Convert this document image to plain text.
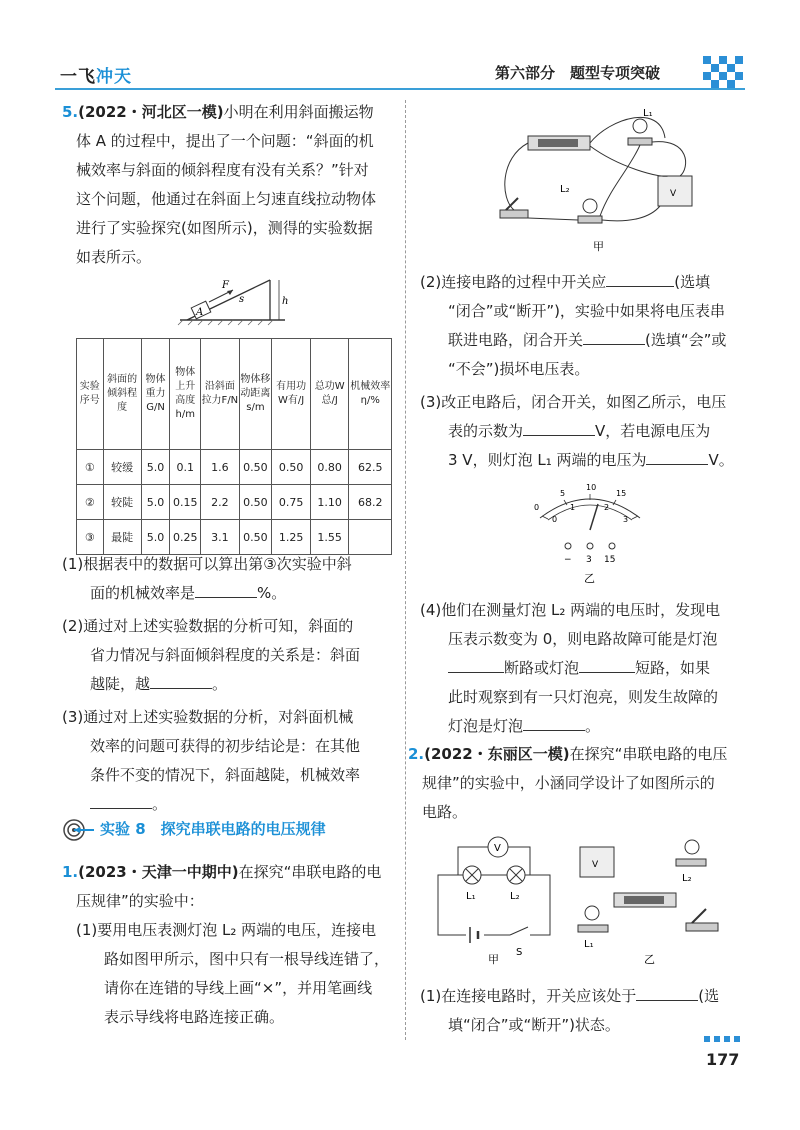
一飞冲天	第六部分　题型专项突破
5.(2022・河北区一模)小明在利用斜面搬运物
体 A 的过程中，提出了一个问题：“斜面的机
械效率与斜面的倾斜程度有没有关系？”针对
这个问题，他通过在斜面上匀速直线拉动物体
进行了实验探究(如图所示)，测得的实验数据
如表所示。
A
F
s	h
实验序号	斜面的倾斜程度	物体重力G/N	物体上升高度h/m	沿斜面拉力F/N	物体移动距离s/m	有用功W有/J	总功W总/J	机械效率η/%
①	较缓	5.0	0.1	1.6	0.50	0.50	0.80	62.5
②	较陡	5.0	0.15	2.2	0.50	0.75	1.10	68.2
③	最陡	5.0	0.25	3.1	0.50	1.25	1.55	
(1)根据表中的数据可以算出第③次实验中斜
面的机械效率是	%。
(2)通过对上述实验数据的分析可知，斜面的
省力情况与斜面倾斜程度的关系是：斜面
越陡，越	。
(3)通过对上述实验数据的分析，对斜面机械
效率的问题可获得的初步结论是：在其他
条件不变的情况下，斜面越陡，机械效率
。
实验 8　探究串联电路的电压规律
1.(2023・天津一中期中)在探究“串联电路的电
压规律”的实验中：
(1)要用电压表测灯泡 L₂ 两端的电压，连接电
路如图甲所示，图中只有一根导线连错了，
请你在连错的导线上画“×”，并用笔画线
表示导线将电路连接正确。
L₁
L₂	V
甲
(2)连接电路的过程中开关应	(选填
“闭合”或“断开”)，实验中如果将电压表串
联进电路，闭合开关	(选填“会”或
“不会”)损坏电压表。
(3)改正电路后，闭合开关，如图乙所示，电压
表的示数为	V，若电源电压为
3 V，则灯泡 L₁ 两端的电压为	V。
5
10
15
0
0
1	2
3
− 3 15
乙
(4)他们在测量灯泡 L₂ 两端的电压时，发现电
压表示数变为 0，则电路故障可能是灯泡
断路或灯泡	短路，如果
此时观察到有一只灯泡亮，则发生故障的
灯泡是灯泡	。
2.(2022・东丽区一模)在探究“串联电路的电压
规律”的实验中，小涵同学设计了如图所示的
电路。
V
L₁	L₂
S
甲
V
L₂
L₁
乙
(1)在连接电路时，开关应该处于	(选
填“闭合”或“断开”)状态。
177
